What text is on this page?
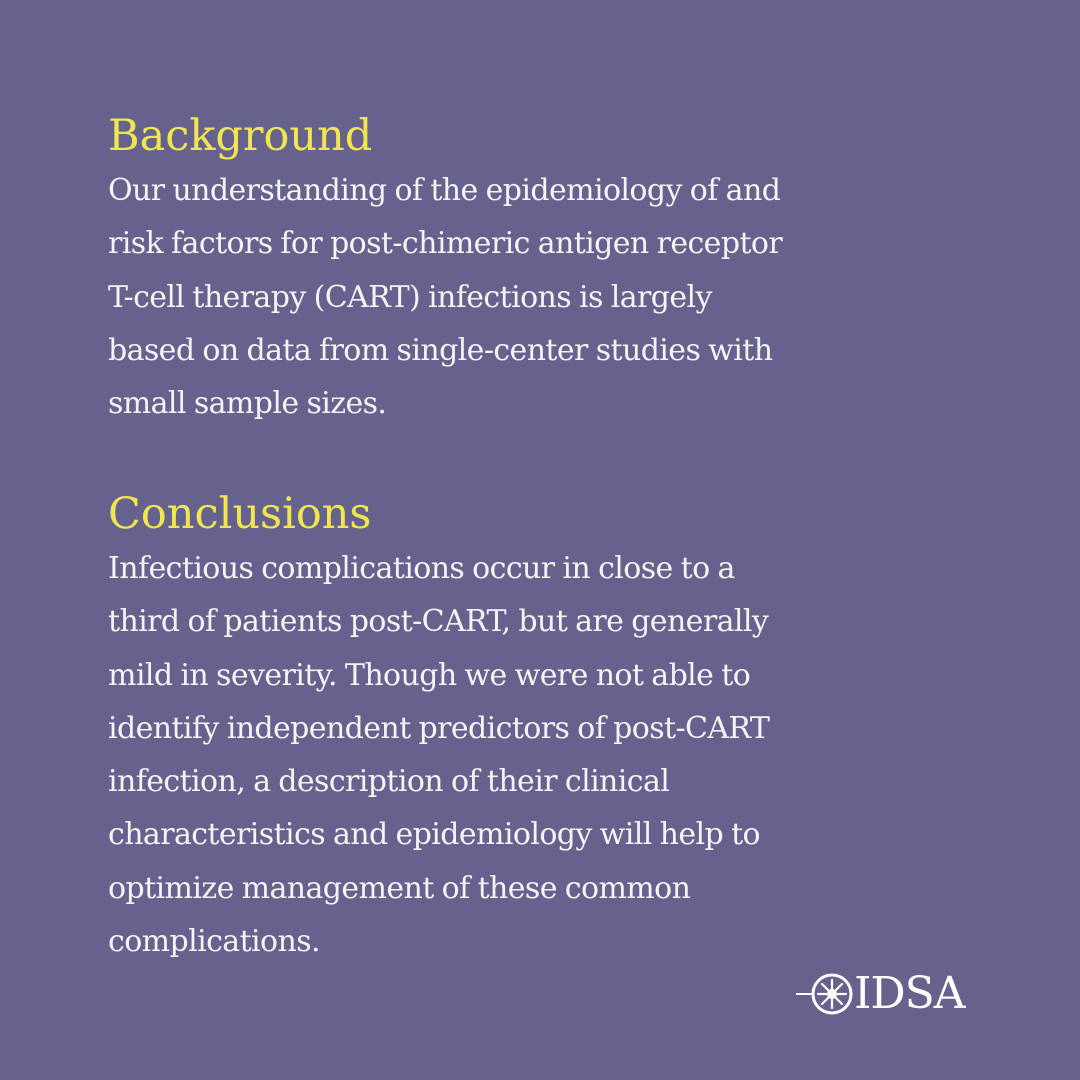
Background

Our understanding of the epidemiology of and
risk factors for post-chimeric antigen receptor
T-cell therapy (CART) infections is largely
based on data from single-center studies with
small sample sizes.

Conclusions

Infectious complications occur in close to a
third of patients post-CART, but are generally
mild in severity. Though we were not able to
identify independent predictors of post-CART
infection, a description of their clinical
characteristics and epidemiology will help to
optimize management of these common
complications.

IDSA
